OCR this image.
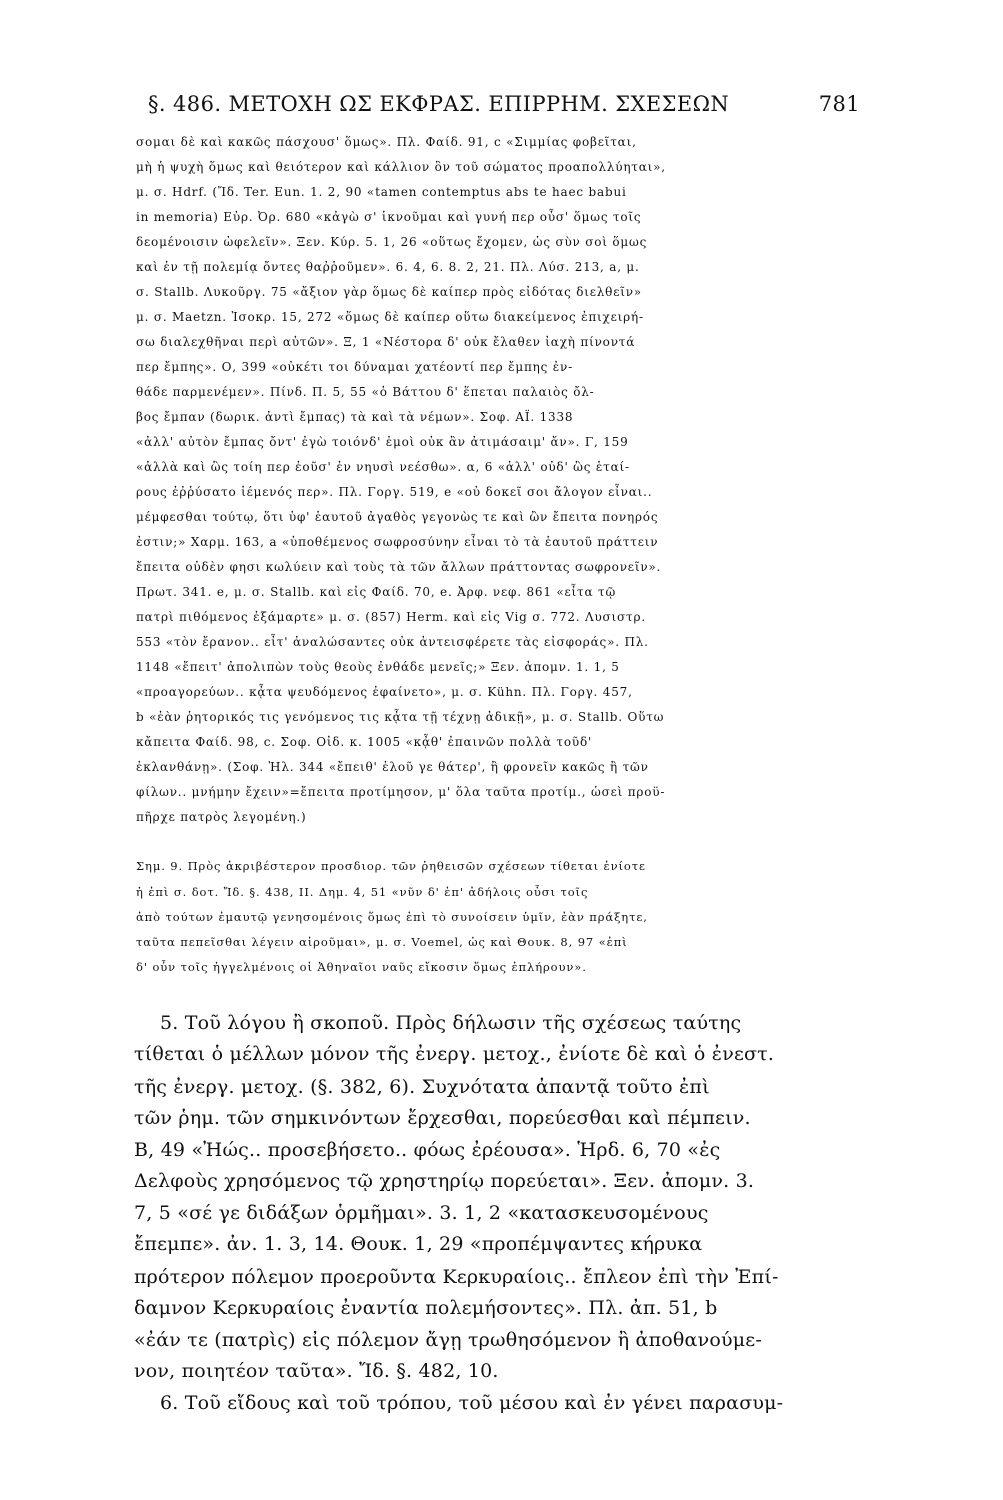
§. 486. ΜΕΤΟΧΗ ΩΣ ΕΚΦΡΑΣ. ΕΠΙΡΡΗΜ. ΣΧΕΣΕΩΝ	781
σομαι δὲ καὶ κακῶς πάσχουσ' ὅμως». Πλ. Φαίδ. 91, c «Σιμμίας φοβεῖται,
μὴ ἡ ψυχὴ ὅμως καὶ θειότερον καὶ κάλλιον ὃν τοῦ σώματος προαπολλύηται»,
μ. σ. Hdrf. (Ἴδ. Ter. Eun. 1. 2, 90 «tamen contemptus abs te haec babui
in memoria) Εὐρ. Ὀρ. 680 «κἀγὼ σ' ἱκνοῦμαι καὶ γυνή περ οὖσ' ὅμως τοῖς
δεομένοισιν ὠφελεῖν». Ξεν. Κύρ. 5. 1, 26 «οὕτως ἔχομεν, ὡς σὺν σοὶ ὅμως
καὶ ἐν τῇ πολεμίᾳ ὄντες θαῤῥοῦμεν». 6. 4, 6. 8. 2, 21. Πλ. Λύσ. 213, a, μ.
σ. Stallb. Λυκοῦργ. 75 «ἄξιον γὰρ ὅμως δὲ καίπερ πρὸς εἰδότας διελθεῖν»
μ. σ. Maetzn. Ἰσοκρ. 15, 272 «ὅμως δὲ καίπερ οὕτω διακείμενος ἐπιχειρή-
σω διαλεχθῆναι περὶ αὐτῶν». Ξ, 1 «Νέστορα δ' οὐκ ἔλαθεν ἰαχὴ πίνοντά
περ ἔμπης». Ο, 399 «οὐκέτι τοι δύναμαι χατέοντί περ ἔμπης ἐν-
θάδε παρμενέμεν». Πίνδ. Π. 5, 55 «ὁ Βάττου δ' ἕπεται παλαιὸς ὄλ-
βος ἔμπαν (δωρικ. ἀντὶ ἔμπας) τὰ καὶ τὰ νέμων». Σοφ. ΑΪ. 1338
«ἀλλ' αὐτὸν ἔμπας ὄντ' ἐγὼ τοιόνδ' ἐμοὶ οὐκ ἂν ἀτιμάσαιμ' ἄν». Γ, 159
«ἀλλὰ καὶ ὣς τοίη περ ἐοῦσ' ἐν νηυσὶ νεέσθω». α, 6 «ἀλλ' οὐδ' ὣς ἑταί-
ρους ἐῤῥύσατο ἱέμενός περ». Πλ. Γοργ. 519, e «οὐ δοκεῖ σοι ἄλογον εἶναι..
μέμφεσθαι τούτῳ, ὅτι ὑφ' ἑαυτοῦ ἀγαθὸς γεγονὼς τε καὶ ὢν ἔπειτα πονηρός
ἐστιν;» Χαρμ. 163, a «ὑποθέμενος σωφροσύνην εἶναι τὸ τὰ ἑαυτοῦ πράττειν
ἔπειτα οὐδὲν φησι κωλύειν καὶ τοὺς τὰ τῶν ἄλλων πράττοντας σωφρονεῖν».
Πρωτ. 341. e, μ. σ. Stallb. καὶ εἰς Φαίδ. 70, e. Ἀρφ. νεφ. 861 «εἶτα τῷ
πατρὶ πιθόμενος ἐξάμαρτε» μ. σ. (857) Herm. καὶ εἰς Vig σ. 772. Λυσιστρ.
553 «τὸν ἔρανον.. εἶτ' ἀναλώσαντες οὐκ ἀντεισφέρετε τὰς εἰσφοράς». Πλ.
1148 «ἔπειτ' ἀπολιπὼν τοὺς θεοὺς ἐνθάδε μενεῖς;» Ξεν. ἀπομν. 1. 1, 5
«προαγορεύων.. κᾆτα ψευδόμενος ἐφαίνετο», μ. σ. Kühn. Πλ. Γοργ. 457,
b «ἐὰν ῥητορικός τις γενόμενος τις κᾆτα τῇ τέχνῃ ἀδικῇ», μ. σ. Stallb. Οὕτω
κἄπειτα Φαίδ. 98, c. Σοφ. Οἰδ. κ. 1005 «κᾆθ' ἐπαινῶν πολλὰ τοῦδ'
ἐκλανθάνῃ». (Σοφ. Ἠλ. 344 «ἔπειθ' ἑλοῦ γε θάτερ', ἢ φρονεῖν κακῶς ἢ τῶν
φίλων.. μνήμην ἔχειν»=ἔπειτα προτίμησον, μ' ὅλα ταῦτα προτίμ., ὡσεὶ προϋ-
πῆρχε πατρὸς λεγομένη.)
Σημ. 9. Πρὸς ἀκριβέστερον προσδιορ. τῶν ῥηθεισῶν σχέσεων τίθεται ἐνίοτε
ἡ ἐπὶ σ. δοτ. Ἴδ. §. 438, II. Δημ. 4, 51 «νῦν δ' ἐπ' ἀδήλοις οὖσι τοῖς
ἀπὸ τούτων ἐμαυτῷ γενησομένοις ὅμως ἐπὶ τὸ συνοίσειν ὑμῖν, ἐὰν πράξητε,
ταῦτα πεπεῖσθαι λέγειν αἱροῦμαι», μ. σ. Voemel, ὡς καὶ Θουκ. 8, 97 «ἐπὶ
δ' οὖν τοῖς ἠγγελμένοις οἱ Ἀθηναῖοι ναῦς εἴκοσιν ὅμως ἐπλήρουν».
5. Τοῦ λόγου ἢ σκοποῦ. Πρὸς δήλωσιν τῆς σχέσεως ταύτης
τίθεται ὁ μέλλων μόνον τῆς ἐνεργ. μετοχ., ἐνίοτε δὲ καὶ ὁ ἐνεστ.
τῆς ἐνεργ. μετοχ. (§. 382, 6). Συχνότατα ἀπαντᾷ τοῦτο ἐπὶ
τῶν ῥημ. τῶν σημκινόντων ἔρχεσθαι, πορεύεσθαι καὶ πέμπειν.
Β, 49 «Ἠώς.. προσεβήσετο.. φόως ἐρέουσα». Ἡρδ. 6, 70 «ἐς
Δελφοὺς χρησόμενος τῷ χρηστηρίῳ πορεύεται». Ξεν. ἀπομν. 3.
7, 5 «σέ γε διδάξων ὁρμῆμαι». 3. 1, 2 «κατασκευσομένους
ἔπεμπε». ἀν. 1. 3, 14. Θουκ. 1, 29 «προπέμψαντες κήρυκα
πρότερον πόλεμον προεροῦντα Κερκυραίοις.. ἔπλεον ἐπὶ τὴν Ἐπί-
δαμνον Κερκυραίοις ἐναντία πολεμήσοντες». Πλ. ἀπ. 51, b
«ἐάν τε (πατρὶς) εἰς πόλεμον ἄγῃ τρωθησόμενον ἢ ἀποθανούμε-
νον, ποιητέον ταῦτα». Ἴδ. §. 482, 10.
6. Τοῦ εἴδους καὶ τοῦ τρόπου, τοῦ μέσου καὶ ἐν γένει παρασυμ-
